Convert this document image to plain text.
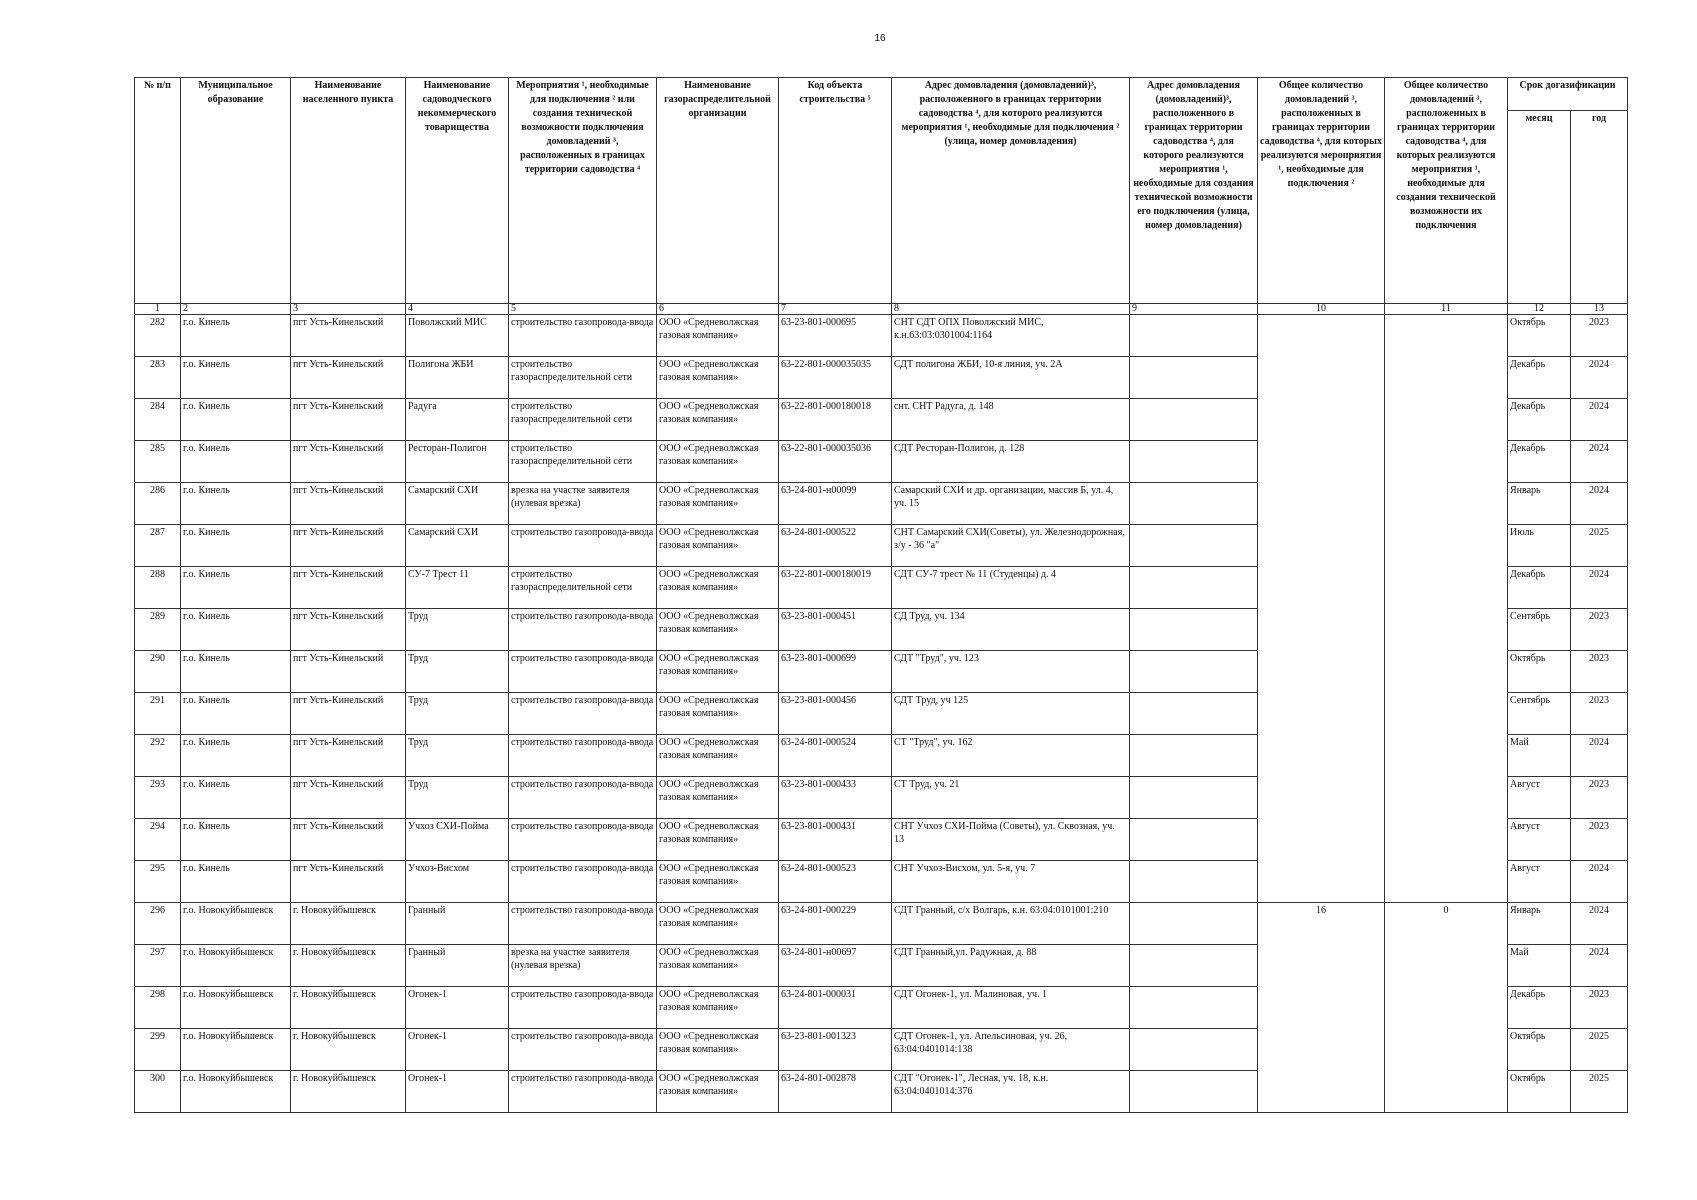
16
№ п/п	Муниципальное образование	Наименование населенного пункта	Наименование садоводческого некоммерческого товарищества	Мероприятия ¹, необходимые для подключения ² или создания технической возможности подключения домовладений ³, расположенных в границах территории садоводства ⁴	Наименование газораспределительной организации	Код объекта строительства ⁵	Адрес домовладения (домовладений)³, расположенного в границах территории садоводства ⁴, для которого реализуются мероприятия ¹, необходимые для подключения ² (улица, номер домовладения)	Адрес домовладения (домовладений)³, расположенного в границах территории садоводства ⁴, для которого реализуются мероприятия ¹, необходимые для создания технической возможности его подключения (улица, номер домовладения)	Общее количество домовладений ³, расположенных в границах территории садоводства ⁴, для которых реализуются мероприятия ¹, необходимые для подключения ²	Общее количество домовладений ³, расположенных в границах территории садоводства ⁴, для которых реализуются мероприятия ¹, необходимые для создания технической возможности их подключения	Срок догазификации	
											месяц	год
1	2	3	4	5	6	7	8	9	10	11	12	13
282	г.о. Кинель	пгт Усть-Кинельский	Поволжский МИС	строительство газопровода-ввода	ООО «Средневолжская газовая компания»	63-23-801-000695	СНТ СДТ ОПХ Поволжский МИС, к.н.63:03:0301004:1164				Октябрь	2023
283	г.о. Кинель	пгт Усть-Кинельский	Полигона ЖБИ	строительство газораспределительной сети	ООО «Средневолжская газовая компания»	63-22-801-000035035	СДТ полигона ЖБИ, 10-я линия, уч. 2А				Декабрь	2024
284	г.о. Кинель	пгт Усть-Кинельский	Радуга	строительство газораспределительной сети	ООО «Средневолжская газовая компания»	63-22-801-000180018	снт. СНТ Радуга, д. 148				Декабрь	2024
285	г.о. Кинель	пгт Усть-Кинельский	Ресторан-Полигон	строительство газораспределительной сети	ООО «Средневолжская газовая компания»	63-22-801-000035036	СДТ Ресторан-Полигон, д. 128				Декабрь	2024
286	г.о. Кинель	пгт Усть-Кинельский	Самарский СХИ	врезка на участке заявителя (нулевая врезка)	ООО «Средневолжская газовая компания»	63-24-801-н00099	Самарский СХИ и др. организации, массив Б, ул. 4, уч. 15				Январь	2024
287	г.о. Кинель	пгт Усть-Кинельский	Самарский СХИ	строительство газопровода-ввода	ООО «Средневолжская газовая компания»	63-24-801-000522	СНТ Самарский СХИ(Советы), ул. Железнодорожная, з/у - 36 "а"				Июль	2025
288	г.о. Кинель	пгт Усть-Кинельский	СУ-7 Трест 11	строительство газораспределительной сети	ООО «Средневолжская газовая компания»	63-22-801-000180019	СДТ СУ-7 трест № 11 (Студенцы) д. 4				Декабрь	2024
289	г.о. Кинель	пгт Усть-Кинельский	Труд	строительство газопровода-ввода	ООО «Средневолжская газовая компания»	63-23-801-000451	СД Труд, уч. 134				Сентябрь	2023
290	г.о. Кинель	пгт Усть-Кинельский	Труд	строительство газопровода-ввода	ООО «Средневолжская газовая компания»	63-23-801-000699	СДТ "Труд", уч. 123				Октябрь	2023
291	г.о. Кинель	пгт Усть-Кинельский	Труд	строительство газопровода-ввода	ООО «Средневолжская газовая компания»	63-23-801-000456	СДТ Труд, уч 125				Сентябрь	2023
292	г.о. Кинель	пгт Усть-Кинельский	Труд	строительство газопровода-ввода	ООО «Средневолжская газовая компания»	63-24-801-000524	СТ "Труд", уч. 162				Май	2024
293	г.о. Кинель	пгт Усть-Кинельский	Труд	строительство газопровода-ввода	ООО «Средневолжская газовая компания»	63-23-801-000433	СТ Труд, уч. 21				Август	2023
294	г.о. Кинель	пгт Усть-Кинельский	Учхоз СХИ-Пойма	строительство газопровода-ввода	ООО «Средневолжская газовая компания»	63-23-801-000431	СНТ Учхоз СХИ-Пойма (Советы), ул. Сквозная, уч. 13				Август	2023
295	г.о. Кинель	пгт Усть-Кинельский	Учхоз-Висхом	строительство газопровода-ввода	ООО «Средневолжская газовая компания»	63-24-801-000523	СНТ Учхоз-Висхом, ул. 5-я, уч. 7				Август	2024
296	г.о. Новокуйбышевск	г. Новокуйбышевск	Гранный	строительство газопровода-ввода	ООО «Средневолжская газовая компания»	63-24-801-000229	СДТ Гранный, с/х Волгарь, к.н. 63:04:0101001:210		16	0	Январь	2024
297	г.о. Новокуйбышевск	г. Новокуйбышевск	Гранный	врезка на участке заявителя (нулевая врезка)	ООО «Средневолжская газовая компания»	63-24-801-н00697	СДТ Гранный,ул. Радужная, д. 88				Май	2024
298	г.о. Новокуйбышевск	г. Новокуйбышевск	Огонек-1	строительство газопровода-ввода	ООО «Средневолжская газовая компания»	63-24-801-000031	СДТ Огонек-1, ул. Малиновая, уч. 1				Декабрь	2023
299	г.о. Новокуйбышевск	г. Новокуйбышевск	Огонек-1	строительство газопровода-ввода	ООО «Средневолжская газовая компания»	63-23-801-001323	СДТ Огонек-1, ул. Апельсиновая, уч. 26, 63:04:0401014:138				Октябрь	2025
300	г.о. Новокуйбышевск	г. Новокуйбышевск	Огонек-1	строительство газопровода-ввода	ООО «Средневолжская газовая компания»	63-24-801-002878	СДТ "Огонек-1", Лесная, уч. 18, к.н. 63:04:0401014:376				Октябрь	2025
